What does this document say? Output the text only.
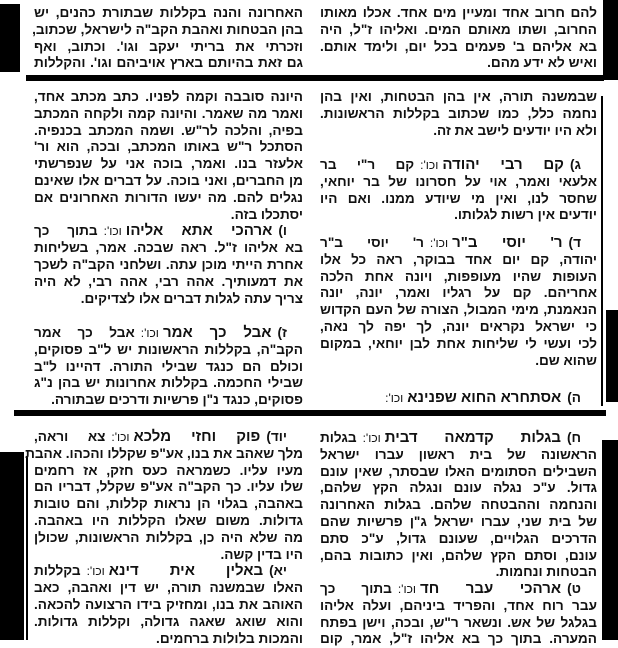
להם חרוב אחד ומעיין מים אחד. אכלו מאותו
החרוב, ושתו מאותם המים. ואליהו ז"ל, היה
בא אליהם ב' פעמים בכל יום, ולימד אותם.
ואיש לא ידע מהם.
האחרונה והנה בקללות שבתורת כהנים, יש
בהן הבטחות ואהבת הקב"ה לישראל, שכתוב,
וזכרתי את בריתי יעקב וגו'. וכתוב, ואף
גם זאת בהיותם בארץ אויביהם וגו'. והקללות
שבמשנה תורה, אין בהן הבטחות, ואין בהן
נחמה כלל, כמו שכתוב בקללות הראשונות.
ולא היו יודעים לישב את זה.
ג)קם רבי יהודהוכו':קם ר"י בר
אלעאי ואמר, אוי על חסרונו של בר יוחאי,
שחסר לנו, ואין מי שיודע ממנו. ואם היו
יודעים אין רשות לגלותו.
ד)ר' יוסי ב"רוכו':ר' יוסי ב"ר
יהודה, קם יום אחד בבוקר, ראה כל אלו
העופות שהיו מעופפות, ויונה אחת הלכה
אחריהם. קם על רגליו ואמר, יונה, יונה
הנאמנת, מימי המבול, הצורה של העם הקדוש
כי ישראל נקראים יונה, לך יפה לך נאה,
לכי ועשי לי שליחות אחת לבן יוחאי, במקום
שהוא שם.
ה)אסתחרא החוא שפנינאוכו':
היונה סובבה וקמה לפניו. כתב מכתב אחד,
ואמר מה שאמר. והיונה קמה ולקחה המכתב
בפיה, והלכה לר"ש. ושמה המכתב בכנפיה.
הסתכל ר"ש באותו המכתב, ובכה, הוא ור'
אלעזר בנו. ואמר, בוכה אני על שנפרשתי
מן החברים, ואני בוכה. על דברים אלו שאינם
נגלים להם. מה יעשו הדורות האחרונים אם
יסתכלו בזה.
ו)ארהכי אתא אליהווכו':בתוך כך
בא אליהו ז"ל. ראה שבכה. אמר, בשליחות
אחרת הייתי מוכן עתה. ושלחני הקב"ה לשכך
את דמעותיך. אהה רבי, אהה רבי, לא היה
צריך עתה לגלות דברים אלו לצדיקים.
ז)אבל כך אמרוכו':אבל כך אמר
הקב"ה, בקללות הראשונות יש ל"ב פסוקים,
וכולם הם כנגד שבילי התורה. דהיינו ל"ב
שבילי החכמה. בקללות אחרונות יש בהן נ"ג
פסוקים, כנגד נ"ן פרשיות ודרכים שבתורה.
ח)בגלות קדמאה דביתוכו':בגלות
הראשונה של בית ראשון עברו ישראל
השבילים הסתומים האלו שבסתר, שאין עונם
גדול. ע"כ נגלה עונם ונגלה הקץ שלהם,
והנחמה וההבטחה שלהם. בגלות האחרונה
של בית שני, עברו ישראל ג"ן פרשיות שהם
הדרכים הגלויים, שעונם גדול, ע"כ סתם
עונם, וסתם הקץ שלהם, ואין כתובות בהם,
הבטחות ונחמות.
ט)ארהכי עבר חדוכו':בתוך כך
עבר רוח אחד, והפריד ביניהם, ועלה אליהו
בגלגל של אש. ונשאר ר"ש, ובכה, וישן בפתח
המערה. בתוך כך בא אליהו ז"ל, אמר, קום
יוד)פוק וחזי מלכאוכו':צא וראה,
מלך שאהב את בנו, אע"פ שקללו והכהו. אהבת
מעיו עליו. כשמראה כעס חזק, אז רחמים
שלו עליו. כך הקב"ה אע"פ שקלל, דבריו הם
באהבה, בגלוי הן נראות קללות, והם טובות
גדולות. משום שאלו הקללות היו באהבה.
מה שלא היה כן, בקללות הראשונות, שכולן
היו בדין קשה.
יא)באלין אית דינאוכו':בקללות
האלו שבמשנה תורה, יש דין ואהבה, כאב
האוהב את בנו, ומחזיק בידו הרצועה להכאה.
והוא שואג שאגה גדולה, וקללות גדולות.
והמכות בלולות ברחמים.
